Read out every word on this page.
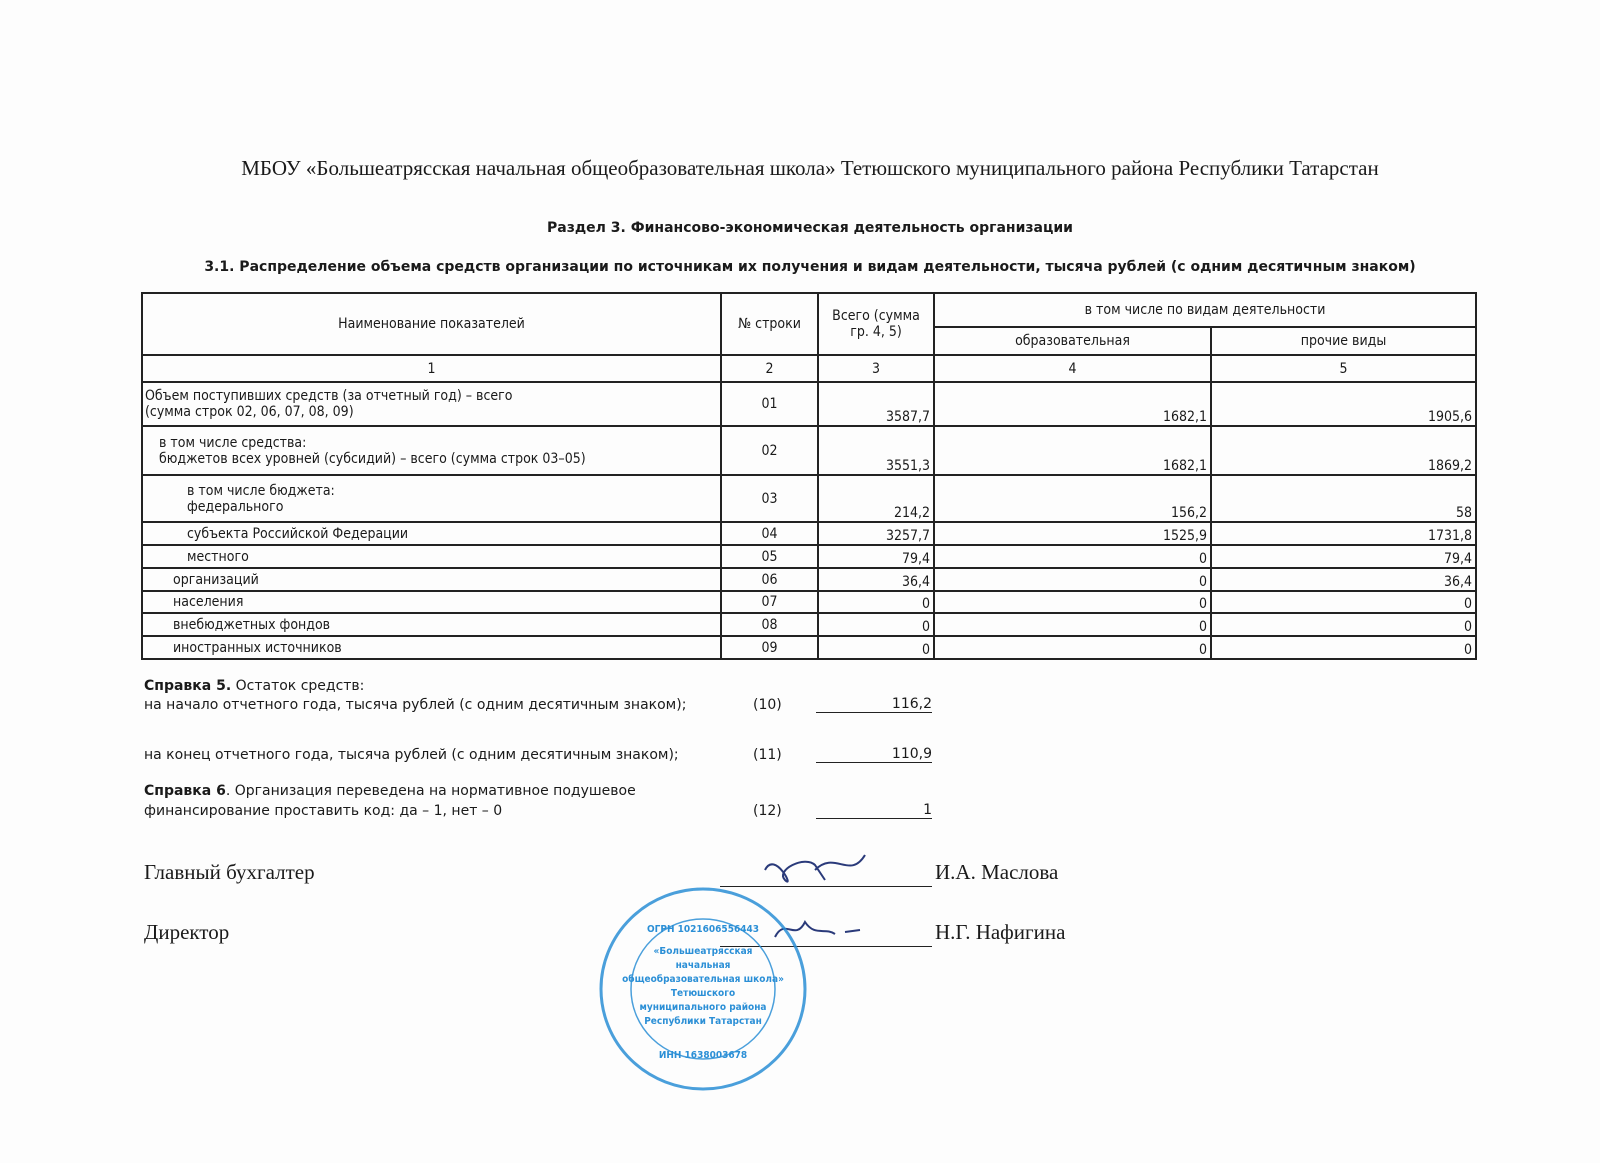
МБОУ «Большеатрясская начальная общеобразовательная школа» Тетюшского муниципального района Республики Татарстан
Раздел 3. Финансово-экономическая деятельность организации
3.1. Распределение объема средств организации по источникам их получения и видам деятельности, тысяча рублей (с одним десятичным знаком)
Наименование показателей	№ строки	Всего (сумма гр. 4, 5)	в том числе по видам деятельности	
			образовательная	прочие виды
1	2	3	4	5

Объем поступивших средств (за отчетный год) – всего
(сумма строк 02, 06, 07, 08, 09)	01	3587,7	1682,1	1905,6

в том числе средства:
бюджетов всех уровней (субсидий) – всего (сумма строк 03–05)	02	3551,3	1682,1	1869,2

в том числе бюджета:
федерального	03	214,2	156,2	58
субъекта Российской Федерации	04	3257,7	1525,9	1731,8
местного	05	79,4	0	79,4
организаций	06	36,4	0	36,4
населения	07	0	0	0
внебюджетных фондов	08	0	0	0
иностранных источников	09	0	0	0
Справка 5. Остаток средств:
на начало отчетного года, тысяча рублей (с одним десятичным знаком);	(10)	116,2
на конец отчетного года, тысяча рублей (с одним десятичным знаком);	(11)	110,9
Справка 6. Организация переведена на нормативное подушевое
финансирование проставить код: да – 1, нет – 0	(12)	1
Главный бухгалтер	И.А. Маслова
Директор	Н.Г. Нафигина
«Большеатрясская
начальная
общеобразовательная школа»
Тетюшского
муниципального района
Республики Татарстан
ОГРН 1021606556443
ИНН 1638003678
